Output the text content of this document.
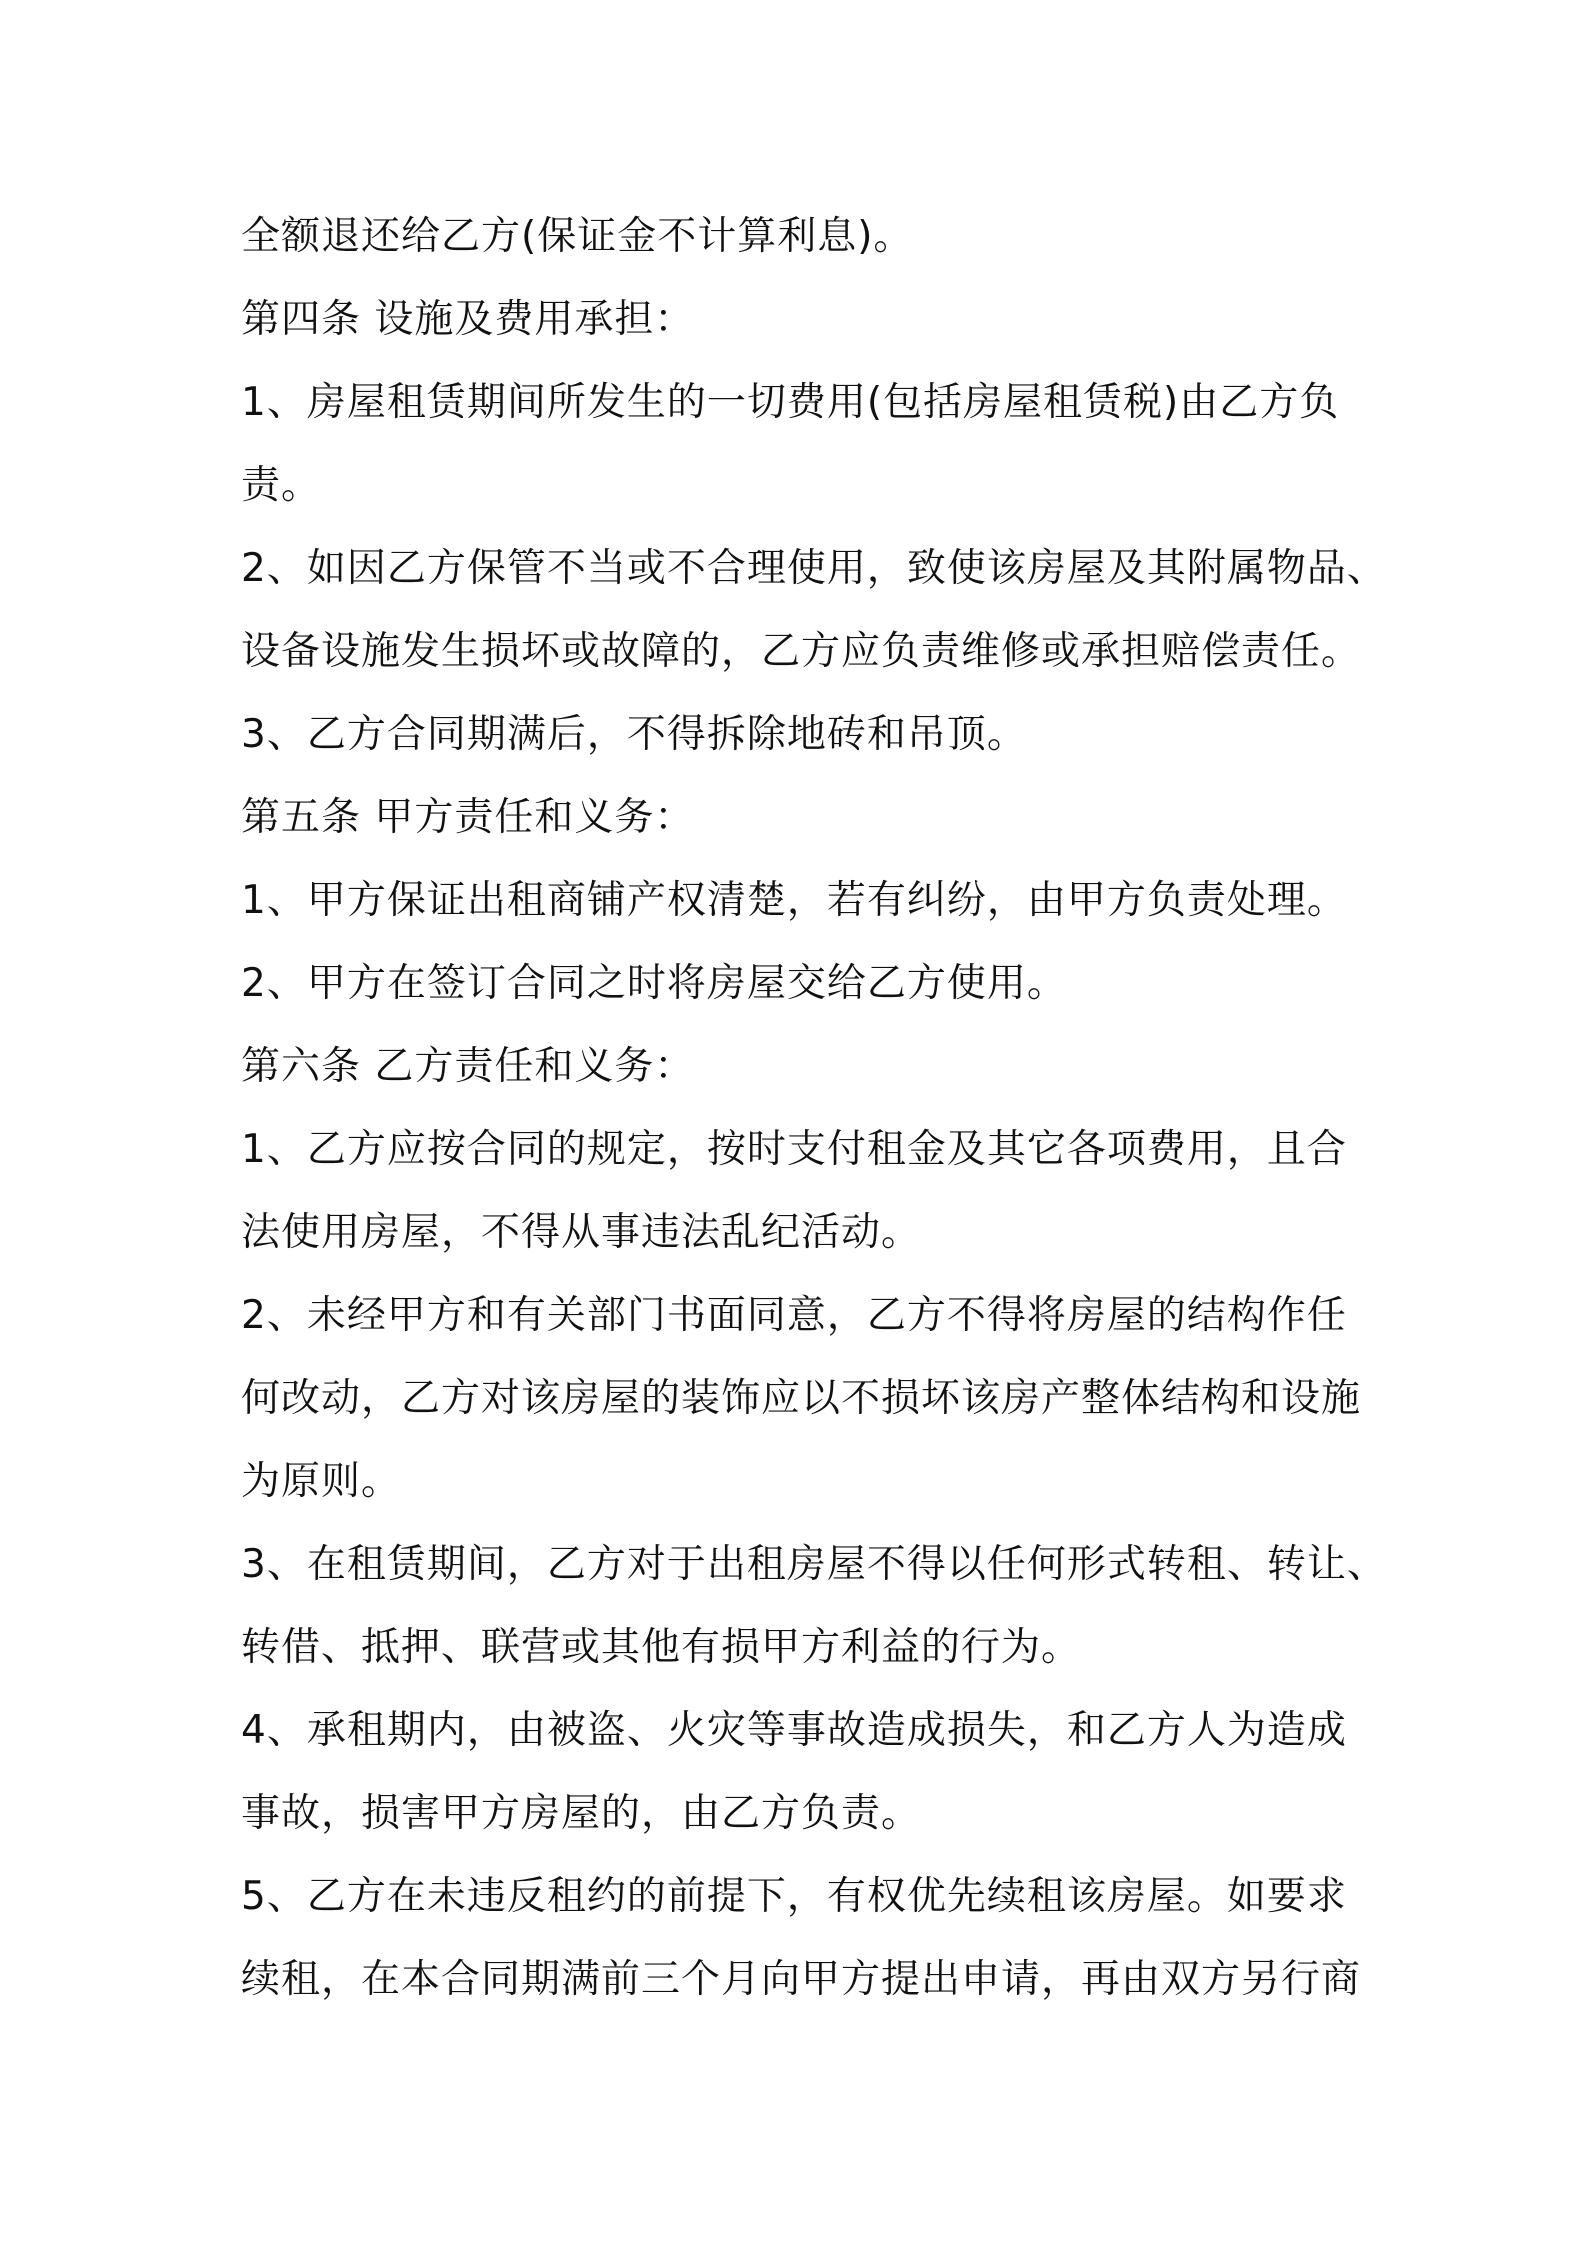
全额退还给乙方(保证金不计算利息)。
第四条 设施及费用承担：
1、房屋租赁期间所发生的一切费用(包括房屋租赁税)由乙方负
责。
2、如因乙方保管不当或不合理使用，致使该房屋及其附属物品、
设备设施发生损坏或故障的，乙方应负责维修或承担赔偿责任。
3、乙方合同期满后，不得拆除地砖和吊顶。
第五条 甲方责任和义务：
1、甲方保证出租商铺产权清楚，若有纠纷，由甲方负责处理。
2、甲方在签订合同之时将房屋交给乙方使用。
第六条 乙方责任和义务：
1、乙方应按合同的规定，按时支付租金及其它各项费用，且合
法使用房屋，不得从事违法乱纪活动。
2、未经甲方和有关部门书面同意，乙方不得将房屋的结构作任
何改动，乙方对该房屋的装饰应以不损坏该房产整体结构和设施
为原则。
3、在租赁期间，乙方对于出租房屋不得以任何形式转租、转让、
转借、抵押、联营或其他有损甲方利益的行为。
4、承租期内，由被盗、火灾等事故造成损失，和乙方人为造成
事故，损害甲方房屋的，由乙方负责。
5、乙方在未违反租约的前提下，有权优先续租该房屋。如要求
续租，在本合同期满前三个月向甲方提出申请，再由双方另行商
